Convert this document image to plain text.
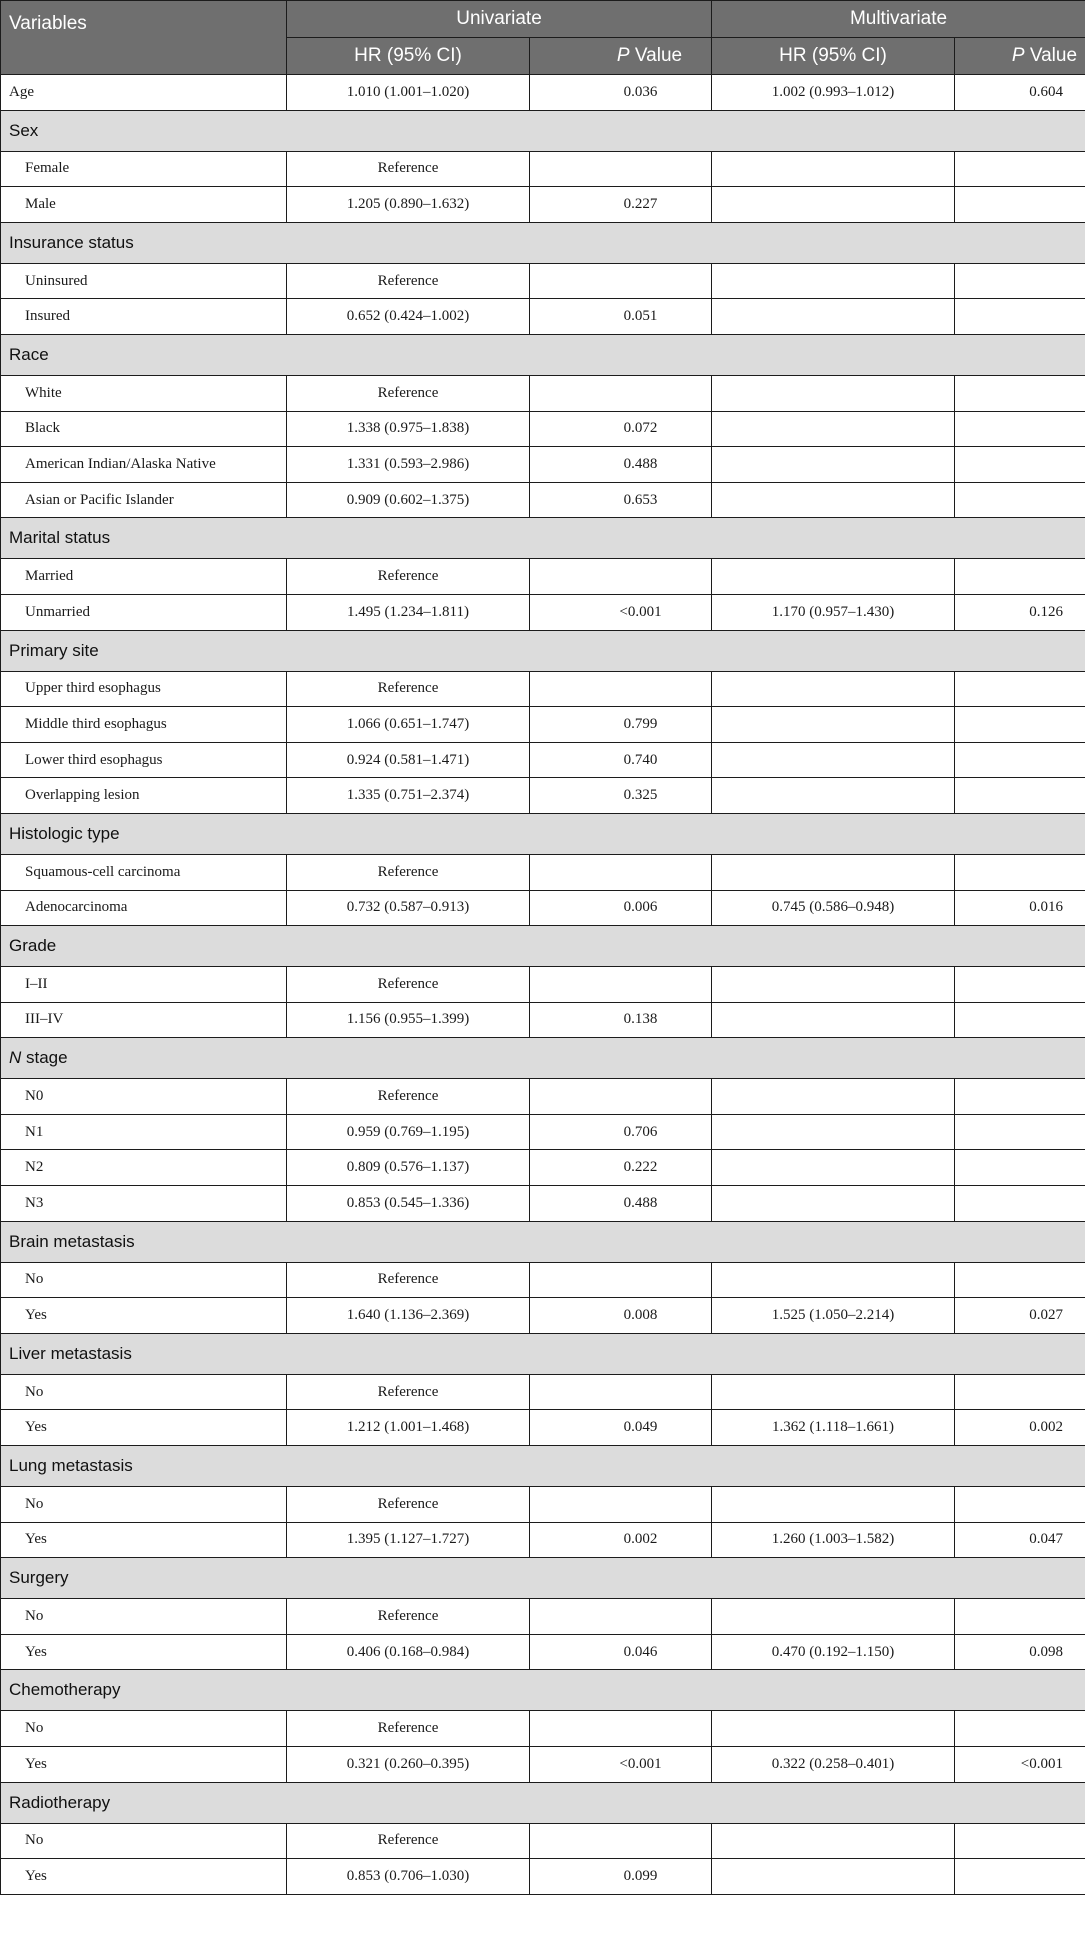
Variables	Univariate		Multivariate	
	HR (95% CI)	P Value	HR (95% CI)	P Value
Age	1.010 (1.001–1.020)	0.036	1.002 (0.993–1.012)	0.604
Sex				
Female	Reference			
Male	1.205 (0.890–1.632)	0.227		
Insurance status				
Uninsured	Reference			
Insured	0.652 (0.424–1.002)	0.051		
Race				
White	Reference			
Black	1.338 (0.975–1.838)	0.072		
American Indian/Alaska Native	1.331 (0.593–2.986)	0.488		
Asian or Pacific Islander	0.909 (0.602–1.375)	0.653		
Marital status				
Married	Reference			
Unmarried	1.495 (1.234–1.811)	<0.001	1.170 (0.957–1.430)	0.126
Primary site				
Upper third esophagus	Reference			
Middle third esophagus	1.066 (0.651–1.747)	0.799		
Lower third esophagus	0.924 (0.581–1.471)	0.740		
Overlapping lesion	1.335 (0.751–2.374)	0.325		
Histologic type				
Squamous-cell carcinoma	Reference			
Adenocarcinoma	0.732 (0.587–0.913)	0.006	0.745 (0.586–0.948)	0.016
Grade				
I–II	Reference			
III–IV	1.156 (0.955–1.399)	0.138		
N stage				
N0	Reference			
N1	0.959 (0.769–1.195)	0.706		
N2	0.809 (0.576–1.137)	0.222		
N3	0.853 (0.545–1.336)	0.488		
Brain metastasis				
No	Reference			
Yes	1.640 (1.136–2.369)	0.008	1.525 (1.050–2.214)	0.027
Liver metastasis				
No	Reference			
Yes	1.212 (1.001–1.468)	0.049	1.362 (1.118–1.661)	0.002
Lung metastasis				
No	Reference			
Yes	1.395 (1.127–1.727)	0.002	1.260 (1.003–1.582)	0.047
Surgery				
No	Reference			
Yes	0.406 (0.168–0.984)	0.046	0.470 (0.192–1.150)	0.098
Chemotherapy				
No	Reference			
Yes	0.321 (0.260–0.395)	<0.001	0.322 (0.258–0.401)	<0.001
Radiotherapy				
No	Reference			
Yes	0.853 (0.706–1.030)	0.099		
